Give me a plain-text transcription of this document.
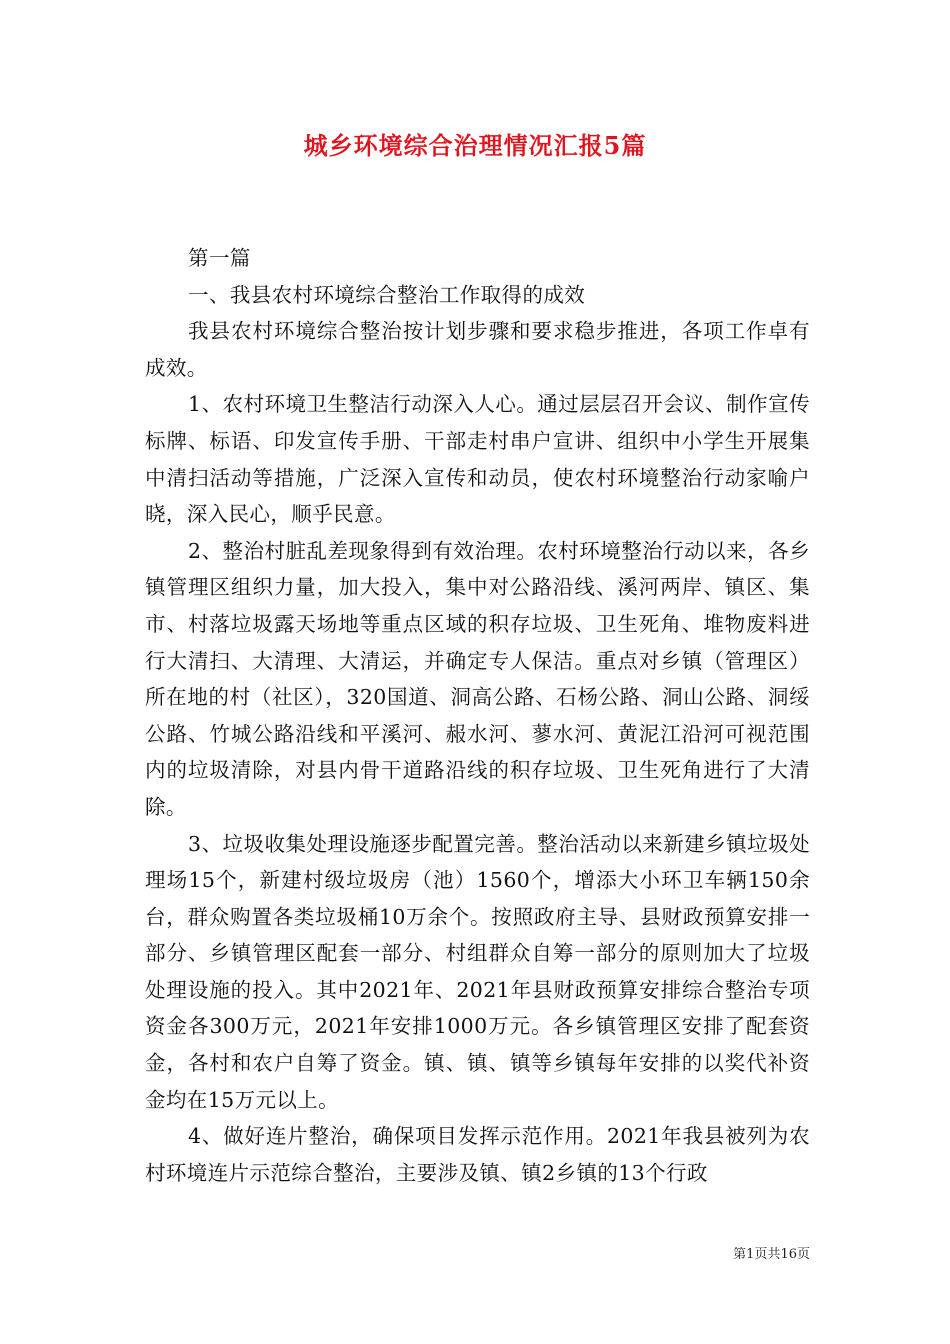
城乡环境综合治理情况汇报5篇

第一篇

一、我县农村环境综合整治工作取得的成效

我县农村环境综合整治按计划步骤和要求稳步推进，各项工作卓有成效。

1、农村环境卫生整洁行动深入人心。通过层层召开会议、制作宣传标牌、标语、印发宣传手册、干部走村串户宣讲、组织中小学生开展集中清扫活动等措施，广泛深入宣传和动员，使农村环境整治行动家喻户晓，深入民心，顺乎民意。

2、整治村脏乱差现象得到有效治理。农村环境整治行动以来，各乡镇管理区组织力量，加大投入，集中对公路沿线、溪河两岸、镇区、集市、村落垃圾露天场地等重点区域的积存垃圾、卫生死角、堆物废料进行大清扫、大清理、大清运，并确定专人保洁。重点对乡镇（管理区）所在地的村（社区），320国道、洞高公路、石杨公路、洞山公路、洞绥公路、竹城公路沿线和平溪河、赧水河、蓼水河、黄泥江沿河可视范围内的垃圾清除，对县内骨干道路沿线的积存垃圾、卫生死角进行了大清除。

3、垃圾收集处理设施逐步配置完善。整治活动以来新建乡镇垃圾处理场15个，新建村级垃圾房（池）1560个，增添大小环卫车辆150余台，群众购置各类垃圾桶10万余个。按照政府主导、县财政预算安排一部分、乡镇管理区配套一部分、村组群众自筹一部分的原则加大了垃圾处理设施的投入。其中2021年、2021年县财政预算安排综合整治专项资金各300万元，2021年安排1000万元。各乡镇管理区安排了配套资金，各村和农户自筹了资金。镇、镇、镇等乡镇每年安排的以奖代补资金均在15万元以上。

4、做好连片整治，确保项目发挥示范作用。2021年我县被列为农村环境连片示范综合整治，主要涉及镇、镇2乡镇的13个行政

第1页共16页
